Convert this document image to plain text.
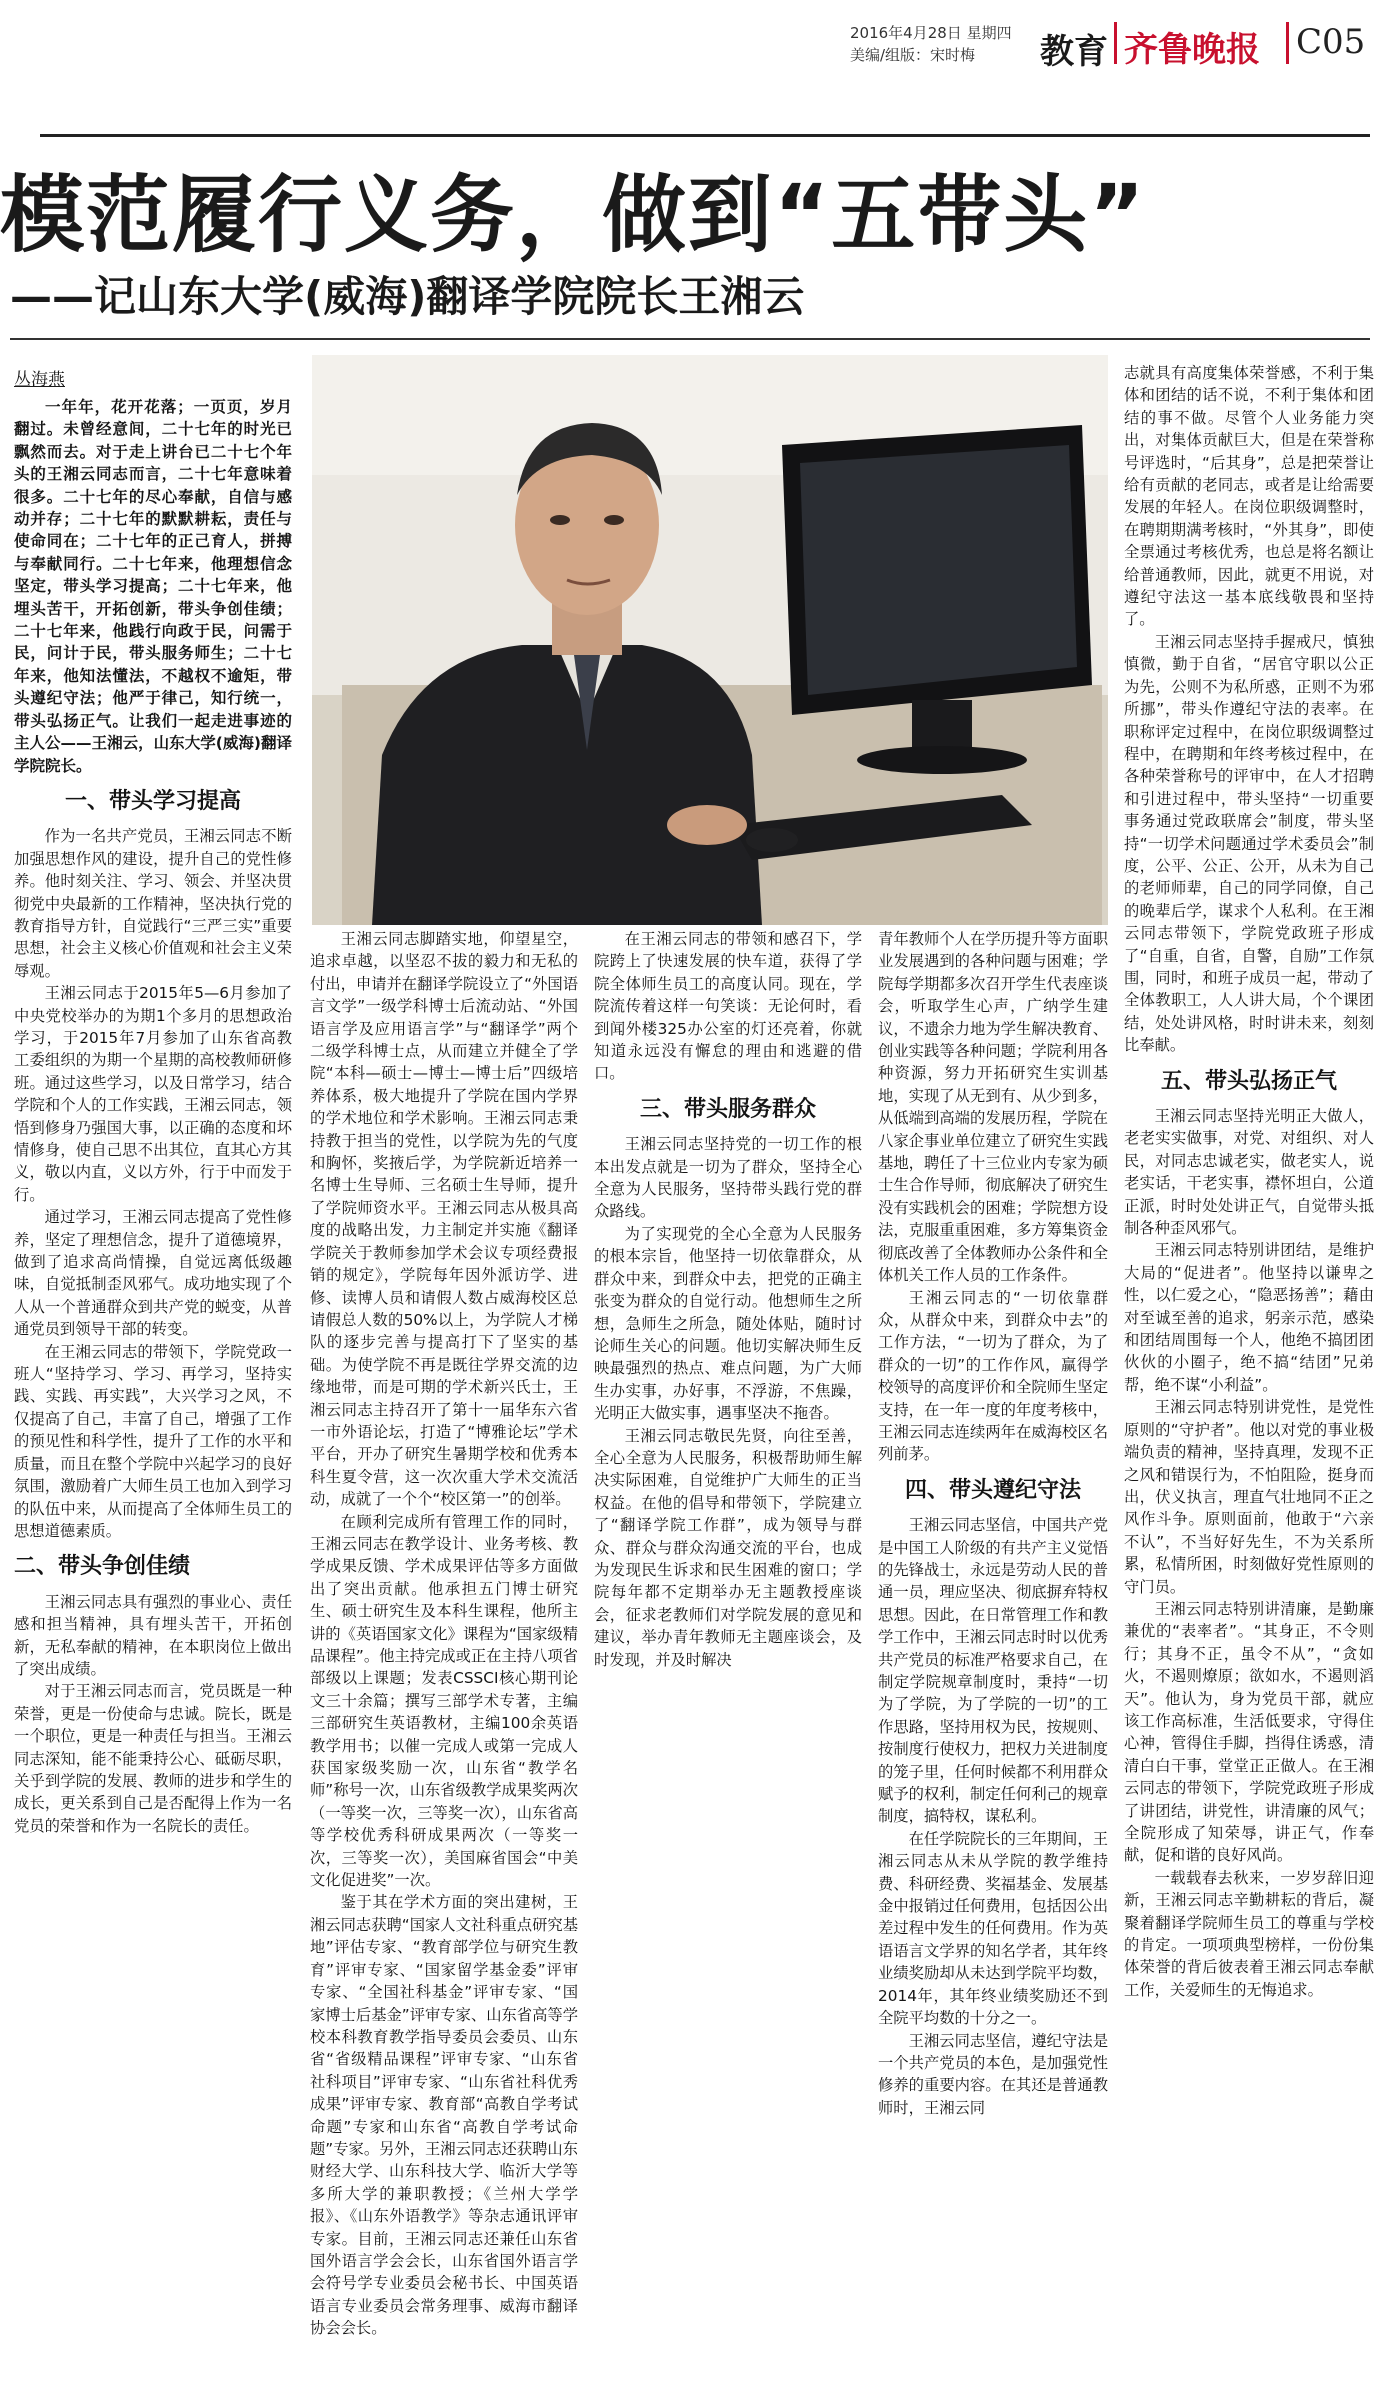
2016年4月28日 星期四
美编/组版：宋时梅 教育 齐鲁晚报 C05
模范履行义务，做到“五带头”
——记山东大学(威海)翻译学院院长王湘云
丛海燕

一年年，花开花落；一页页，岁月翻过。未曾经意间，二十七年的时光已飘然而去。对于走上讲台已二十七个年头的王湘云同志而言，二十七年意味着很多。二十七年的尽心奉献，自信与感动并存；二十七年的默默耕耘，责任与使命同在；二十七年的正己育人，拼搏与奉献同行。二十七年来，他理想信念坚定，带头学习提高；二十七年来，他埋头苦干，开拓创新，带头争创佳绩；二十七年来，他践行向政于民，问需于民，问计于民，带头服务师生；二十七年来，他知法懂法，不越权不逾矩，带头遵纪守法；他严于律己，知行统一，带头弘扬正气。让我们一起走进事迹的主人公——王湘云，山东大学(威海)翻译学院院长。

一、带头学习提高

作为一名共产党员，王湘云同志不断加强思想作风的建设，提升自己的党性修养。他时刻关注、学习、领会、并坚决贯彻党中央最新的工作精神，坚决执行党的教育指导方针，自觉践行“三严三实”重要思想，社会主义核心价值观和社会主义荣辱观。

王湘云同志于2015年5—6月参加了中央党校举办的为期1个多月的思想政治学习，于2015年7月参加了山东省高教工委组织的为期一个星期的高校教师研修班。通过这些学习，以及日常学习，结合学院和个人的工作实践，王湘云同志，领悟到修身乃强国大事，以正确的态度和坏情修身，使自己思不出其位，直其心方其义，敬以内直，义以方外，行于中而发于行。

通过学习，王湘云同志提高了党性修养，坚定了理想信念，提升了道德境界，做到了追求高尚情操，自觉远离低级趣味，自觉抵制歪风邪气。成功地实现了个人从一个普通群众到共产党的蜕变，从普通党员到领导干部的转变。

在王湘云同志的带领下，学院党政一班人“坚持学习、学习、再学习，坚持实践、实践、再实践”，大兴学习之风，不仅提高了自己，丰富了自己，增强了工作的预见性和科学性，提升了工作的水平和质量，而且在整个学院中兴起学习的良好氛围，激励着广大师生员工也加入到学习的队伍中来，从而提高了全体师生员工的思想道德素质。

二、带头争创佳绩

王湘云同志具有强烈的事业心、责任感和担当精神，具有埋头苦干，开拓创新，无私奉献的精神，在本职岗位上做出了突出成绩。

对于王湘云同志而言，党员既是一种荣誉，更是一份使命与忠诚。院长，既是一个职位，更是一种责任与担当。王湘云同志深知，能不能秉持公心、砥砺尽职，关乎到学院的发展、教师的进步和学生的成长，更关系到自己是否配得上作为一名党员的荣誉和作为一名院长的责任。

王湘云同志脚踏实地，仰望星空，追求卓越，以坚忍不拔的毅力和无私的付出，申请并在翻译学院设立了“外国语言文学”一级学科博士后流动站、“外国语言学及应用语言学”与“翻译学”两个二级学科博士点，从而建立并健全了学院“本科—硕士—博士—博士后”四级培养体系，极大地提升了学院在国内学界的学术地位和学术影响。王湘云同志秉持教于担当的党性，以学院为先的气度和胸怀，奖掖后学，为学院新近培养一名博士生导师、三名硕士生导师，提升了学院师资水平。王湘云同志从极具高度的战略出发，力主制定并实施《翻译学院关于教师参加学术会议专项经费报销的规定》，学院每年因外派访学、进修、读博人员和请假人数占威海校区总请假总人数的50%以上，为学院人才梯队的逐步完善与提高打下了坚实的基础。为使学院不再是既往学界交流的边缘地带，而是可期的学术新兴氏士，王湘云同志主持召开了第十一届华东六省一市外语论坛，打造了“博雅论坛”学术平台，开办了研究生暑期学校和优秀本科生夏令营，这一次次重大学术交流活动，成就了一个个“校区第一”的创举。

在顾利完成所有管理工作的同时，王湘云同志在教学设计、业务考核、教学成果反馈、学术成果评估等多方面做出了突出贡献。他承担五门博士研究生、硕士研究生及本科生课程，他所主讲的《英语国家文化》课程为“国家级精品课程”。他主持完成或正在主持八项省部级以上课题；发表CSSCI核心期刊论文三十余篇；撰写三部学术专著，主编三部研究生英语教材，主编100余英语教学用书；以催一完成人或第一完成人获国家级奖励一次，山东省“教学名师”称号一次，山东省级教学成果奖两次（一等奖一次，三等奖一次），山东省高等学校优秀科研成果两次（一等奖一次，三等奖一次），美国麻省国会“中美文化促进奖”一次。

鉴于其在学术方面的突出建树，王湘云同志获聘“国家人文社科重点研究基地”评估专家、“教育部学位与研究生教育”评审专家、“国家留学基金委”评审专家、“全国社科基金”评审专家、“国家博士后基金”评审专家、山东省高等学校本科教育教学指导委员会委员、山东省“省级精品课程”评审专家、“山东省社科项目”评审专家、“山东省社科优秀成果”评审专家、教育部“高教自学考试命题”专家和山东省“高教自学考试命题”专家。另外，王湘云同志还获聘山东财经大学、山东科技大学、临沂大学等多所大学的兼职教授；《兰州大学学报》、《山东外语教学》等杂志通讯评审专家。目前，王湘云同志还兼任山东省国外语言学会会长，山东省国外语言学会符号学专业委员会秘书长、中国英语语言专业委员会常务理事、威海市翻译协会会长。

在王湘云同志的带领和感召下，学院跨上了快速发展的快车道，获得了学院全体师生员工的高度认同。现在，学院流传着这样一句笑谈：无论何时，看到闻外楼325办公室的灯还亮着，你就知道永远没有懈怠的理由和逃避的借口。

三、带头服务群众

王湘云同志坚持党的一切工作的根本出发点就是一切为了群众，坚持全心全意为人民服务，坚持带头践行党的群众路线。

为了实现党的全心全意为人民服务的根本宗旨，他坚持一切依靠群众，从群众中来，到群众中去，把党的正确主张变为群众的自觉行动。他想师生之所想，急师生之所急，随处体贴，随时讨论师生关心的问题。他切实解决师生反映最强烈的热点、难点问题，为广大师生办实事，办好事，不浮游，不焦躁，光明正大做实事，遇事坚决不拖沓。

王湘云同志敬民先贤，向往至善，全心全意为人民服务，积极帮助师生解决实际困难，自觉维护广大师生的正当权益。在他的倡导和带领下，学院建立了“翻译学院工作群”，成为领导与群众、群众与群众沟通交流的平台，也成为发现民生诉求和民生困难的窗口；学院每年都不定期举办无主题教授座谈会，征求老教师们对学院发展的意见和建议，举办青年教师无主题座谈会，及时发现，并及时解决

青年教师个人在学历提升等方面职业发展遇到的各种问题与困难；学院每学期都多次召开学生代表座谈会，听取学生心声，广纳学生建议，不遗余力地为学生解决教育、创业实践等各种问题；学院利用各种资源，努力开拓研究生实训基地，实现了从无到有、从少到多，从低端到高端的发展历程，学院在八家企事业单位建立了研究生实践基地，聘任了十三位业内专家为硕士生合作导师，彻底解决了研究生没有实践机会的困难；学院想方设法，克服重重困难，多方筹集资金彻底改善了全体教师办公条件和全体机关工作人员的工作条件。

王湘云同志的“一切依靠群众，从群众中来，到群众中去”的工作方法，“一切为了群众，为了群众的一切”的工作作风，赢得学校领导的高度评价和全院师生坚定支持，在一年一度的年度考核中，王湘云同志连续两年在威海校区名列前茅。

四、带头遵纪守法

王湘云同志坚信，中国共产党是中国工人阶级的有共产主义觉悟的先锋战士，永远是劳动人民的普通一员，理应坚决、彻底摒弃特权思想。因此，在日常管理工作和教学工作中，王湘云同志时时以优秀共产党员的标准严格要求自己，在制定学院规章制度时，秉持“一切为了学院，为了学院的一切”的工作思路，坚持用权为民，按规则、按制度行使权力，把权力关进制度的笼子里，任何时候都不利用群众赋予的权利，制定任何利己的规章制度，搞特权，谋私利。

在任学院院长的三年期间，王湘云同志从未从学院的教学维持费、科研经费、奖福基金、发展基金中报销过任何费用，包括因公出差过程中发生的任何费用。作为英语语言文学界的知名学者，其年终业绩奖励却从未达到学院平均数，2014年，其年终业绩奖励还不到全院平均数的十分之一。

王湘云同志坚信，遵纪守法是一个共产党员的本色，是加强党性修养的重要内容。在其还是普通教师时，王湘云同

志就具有高度集体荣誉感，不利于集体和团结的话不说，不利于集体和团结的事不做。尽管个人业务能力突出，对集体贡献巨大，但是在荣誉称号评选时，“后其身”，总是把荣誉让给有贡献的老同志，或者是让给需要发展的年轻人。在岗位职级调整时，在聘期期满考核时，“外其身”，即使全票通过考核优秀，也总是将名额让给普通教师，因此，就更不用说，对遵纪守法这一基本底线敬畏和坚持了。

王湘云同志坚持手握戒尺，慎独慎微，勤于自省，“居官守职以公正为先，公则不为私所惑，正则不为邪所挪”，带头作遵纪守法的表率。在职称评定过程中，在岗位职级调整过程中，在聘期和年终考核过程中，在各种荣誉称号的评审中，在人才招聘和引进过程中，带头坚持“一切重要事务通过党政联席会”制度，带头坚持“一切学术问题通过学术委员会”制度，公平、公正、公开，从未为自己的老师师辈，自己的同学同僚，自己的晚辈后学，谋求个人私利。在王湘云同志带领下，学院党政班子形成了“自重，自省，自警，自励”工作氛围，同时，和班子成员一起，带动了全体教职工，人人讲大局，个个课团结，处处讲风格，时时讲未来，刻刻比奉献。

五、带头弘扬正气

王湘云同志坚持光明正大做人，老老实实做事，对党、对组织、对人民，对同志忠诚老实，做老实人，说老实话，干老实事，襟怀坦白，公道正派，时时处处讲正气，自觉带头抵制各种歪风邪气。

王湘云同志特别讲团结，是维护大局的“促进者”。他坚持以谦卑之性，以仁爱之心，“隐恶扬善”；藉由对至诚至善的追求，躬亲示范，感染和团结周围每一个人，他绝不搞团团伙伙的小圈子，绝不搞“结团”兄弟帮，绝不谋“小利益”。

王湘云同志特别讲党性，是党性原则的“守护者”。他以对党的事业极端负责的精神，坚持真理，发现不正之风和错误行为，不怕阻险，挺身而出，伏义执言，理直气壮地同不正之风作斗争。原则面前，他敢于“六亲不认”，不当好好先生，不为关系所累，私情所困，时刻做好党性原则的守门员。

王湘云同志特别讲清廉，是勤廉兼优的“表率者”。“其身正，不令则行；其身不正，虽令不从”，“贪如火，不遏则燎原；欲如水，不遏则滔天”。他认为，身为党员干部，就应该工作高标准，生活低要求，守得住心神，管得住手脚，挡得住诱惑，清清白白干事，堂堂正正做人。在王湘云同志的带领下，学院党政班子形成了讲团结，讲党性，讲清廉的风气；全院形成了知荣辱，讲正气，作奉献，促和谐的良好风尚。

一载载春去秋来，一岁岁辞旧迎新，王湘云同志辛勤耕耘的背后，凝聚着翻译学院师生员工的尊重与学校的肯定。一项项典型榜样，一份份集体荣誉的背后彼表着王湘云同志奉献工作，关爱师生的无悔追求。
